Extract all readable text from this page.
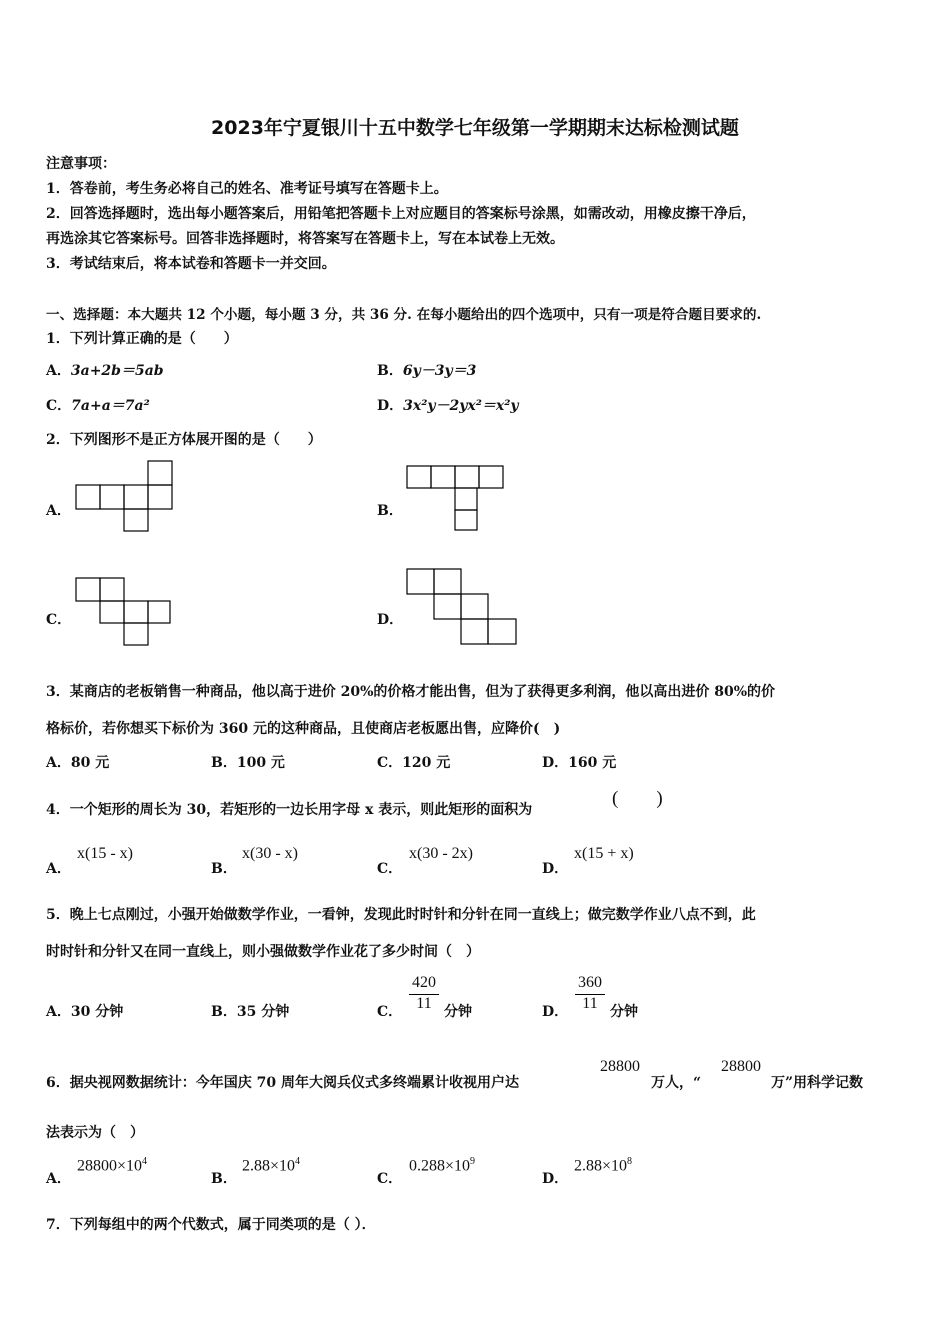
2023年宁夏银川十五中数学七年级第一学期期末达标检测试题
注意事项：
1．答卷前，考生务必将自己的姓名、准考证号填写在答题卡上。
2．回答选择题时，选出每小题答案后，用铅笔把答题卡上对应题目的答案标号涂黑，如需改动，用橡皮擦干净后，
再选涂其它答案标号。回答非选择题时，将答案写在答题卡上，写在本试卷上无效。
3．考试结束后，将本试卷和答题卡一并交回。
一、选择题：本大题共 12 个小题，每小题 3 分，共 36 分. 在每小题给出的四个选项中，只有一项是符合题目要求的.
1．下列计算正确的是（　　）
A．3a+2b＝5ab	B．6y－3y＝3
C．7a+a＝7a²	D．3x²y－2yx²＝x²y
2．下列图形不是正方体展开图的是（　　）
A．	B．
C．	D．
3．某商店的老板销售一种商品，他以高于进价 20%的价格才能出售，但为了获得更多利润，他以高出进价 80%的价
格标价，若你想买下标价为 360 元的这种商品，且使商店老板愿出售，应降价(　)
A．80 元	B．100 元	C．120 元	D．160 元
4．一个矩形的周长为 30，若矩形的一边长用字母 x 表示，则此矩形的面积为
(　　)
A．
x(15 - x)
B．
x(30 - x)
C．
x(30 - 2x)
D．
x(15 + x)
5．晚上七点刚过，小强开始做数学作业，一看钟，发现此时时针和分针在同一直线上；做完数学作业八点不到，此
时时针和分针又在同一直线上，则小强做数学作业花了多少时间（　）
A．30 分钟	B．35 分钟	C．
420
11 分钟	D．
360
11 分钟
6．据央视网数据统计：今年国庆 70 周年大阅兵仪式多终端累计收视用户达
28800
万人，“
28800
万”用科学记数
法表示为（　）
A．
$28800\times 10^4$
B．
$2.88\times 10^4$
C．
$0.288\times 10^9$
D．
$2.88\times 10^8$
7．下列每组中的两个代数式，属于同类项的是（ ）．
